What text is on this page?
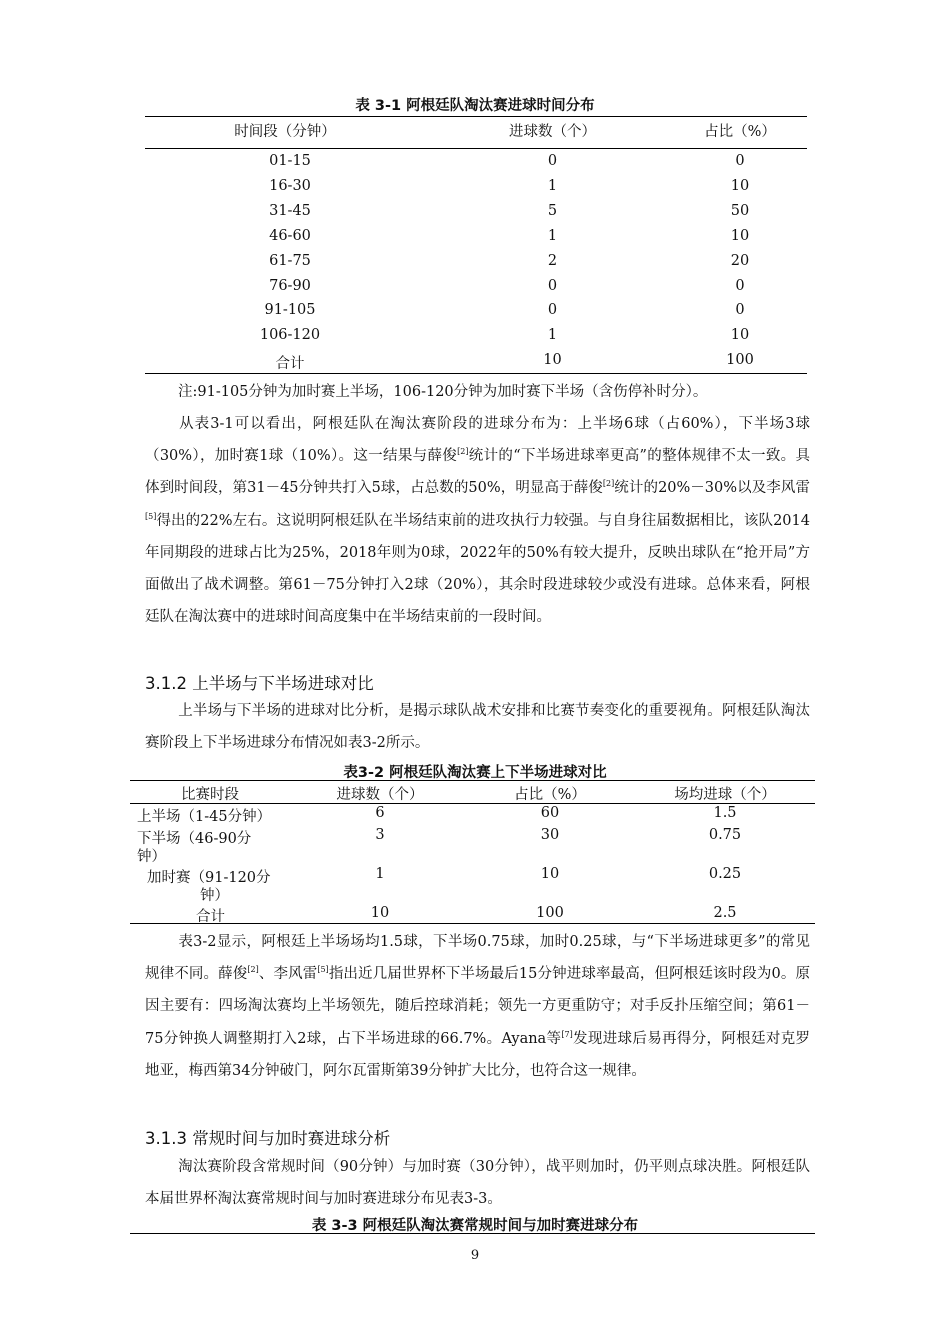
表 3-1 阿根廷队淘汰赛进球时间分布
时间段（分钟）	进球数（个）	占比（%）
01-15	0	0
16-30	1	10
31-45	5	50
46-60	1	10
61-75	2	20
76-90	0	0
91-105	0	0
106-120	1	10
合计	10	100
注:91-105分钟为加时赛上半场，106-120分钟为加时赛下半场（含伤停补时分）。
从表3-1可以看出，阿根廷队在淘汰赛阶段的进球分布为：上半场6球（占60%），下半场3球（30%），加时赛1球（10%）。这一结果与薛俊[2]统计的“下半场进球率更高”的整体规律不太一致。具体到时间段，第31－45分钟共打入5球，占总数的50%，明显高于薛俊[2]统计的20%－30%以及李风雷[5]得出的22%左右。这说明阿根廷队在半场结束前的进攻执行力较强。与自身往届数据相比，该队2014年同期段的进球占比为25%，2018年则为0球，2022年的50%有较大提升，反映出球队在“抢开局”方面做出了战术调整。第61－75分钟打入2球（20%），其余时段进球较少或没有进球。总体来看，阿根廷队在淘汰赛中的进球时间高度集中在半场结束前的一段时间。
3.1.2 上半场与下半场进球对比
上半场与下半场的进球对比分析，是揭示球队战术安排和比赛节奏变化的重要视角。阿根廷队淘汰赛阶段上下半场进球分布情况如表3-2所示。
表3-2 阿根廷队淘汰赛上下半场进球对比
比赛时段	进球数（个）	占比（%）	场均进球（个）
上半场（1-45分钟）	6	60	1.5
下半场（46-90分
钟）
3	30	0.75
加时赛（91-120分
钟）
1	10	0.25
合计	10	100	2.5
表3-2显示，阿根廷上半场场均1.5球，下半场0.75球，加时0.25球，与“下半场进球更多”的常见规律不同。薛俊[2]、李风雷[5]指出近几届世界杯下半场最后15分钟进球率最高，但阿根廷该时段为0。原因主要有：四场淘汰赛均上半场领先，随后控球消耗；领先一方更重防守；对手反扑压缩空间；第61－75分钟换人调整期打入2球，占下半场进球的66.7%。Ayana等[7]发现进球后易再得分，阿根廷对克罗地亚，梅西第34分钟破门，阿尔瓦雷斯第39分钟扩大比分，也符合这一规律。
3.1.3 常规时间与加时赛进球分析
淘汰赛阶段含常规时间（90分钟）与加时赛（30分钟），战平则加时，仍平则点球决胜。阿根廷队本届世界杯淘汰赛常规时间与加时赛进球分布见表3-3。
表 3-3 阿根廷队淘汰赛常规时间与加时赛进球分布
9
